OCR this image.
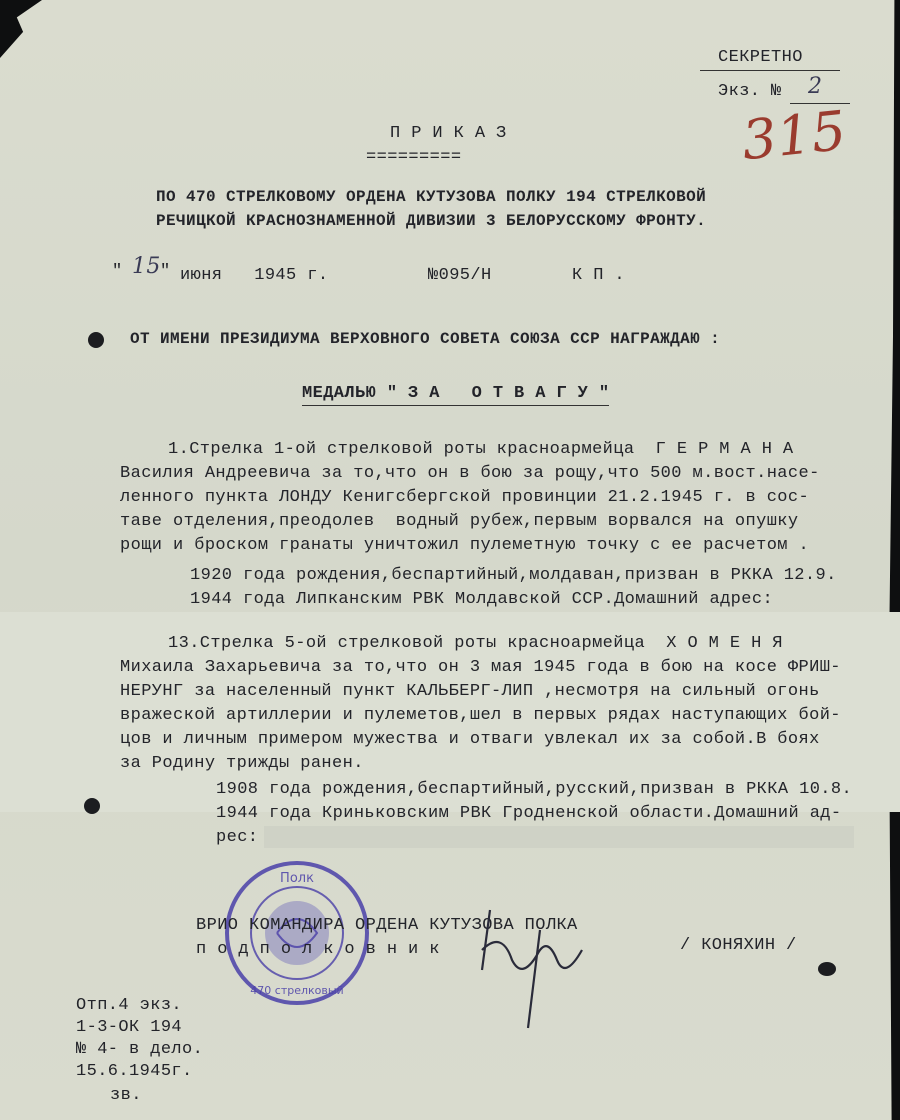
СЕКРЕТНО
Экз. № 2
315
П Р И К А З
=========
ПО 470 СТРЕЛКОВОМУ ОРДЕНА КУТУЗОВА ПОЛКУ 194 СТРЕЛКОВОЙ
РЕЧИЦКОЙ КРАСНОЗНАМЕННОЙ ДИВИЗИИ 3 БЕЛОРУССКОМУ ФРОНТУ.
" 15 " июня   1945 г.	№095/Н	К П .
ОТ ИМЕНИ ПРЕЗИДИУМА ВЕРХОВНОГО СОВЕТА СОЮЗА ССР НАГРАЖДАЮ :
МЕДАЛЬЮ " З А   О Т В А Г У "
1.Стрелка 1-ой стрелковой роты красноармейца  Г Е Р М А Н А
Василия Андреевича за то,что он в бою за рощу,что 500 м.вост.насе-
ленного пункта ЛОНДУ Кенигсбергской провинции 21.2.1945 г. в сос-
таве отделения,преодолев  водный рубеж,первым ворвался на опушку
рощи и броском гранаты уничтожил пулеметную точку с ее расчетом .
1920 года рождения,беспартийный,молдаван,призван в РККА 12.9.
1944 года Липканским РВК Молдавской ССР.Домашний адрес:
13.Стрелка 5-ой стрелковой роты красноармейца  Х О М Е Н Я
Михаила Захарьевича за то,что он 3 мая 1945 года в бою на косе ФРИШ-
НЕРУНГ за населенный пункт КАЛЬБЕРГ-ЛИП ,несмотря на сильный огонь
вражеской артиллерии и пулеметов,шел в первых рядах наступающих бой-
цов и личным примером мужества и отваги увлекал их за собой.В боях
за Родину трижды ранен.
1908 года рождения,беспартийный,русский,призван в РККА 10.8.
1944 года Криньковским РВК Гродненской области.Домашний ад-
рес:
Полк
470 стрелковый
ВРИО КОМАНДИРА ОРДЕНА КУТУЗОВА ПОЛКА
п о д п о л к о в н и к	/ КОНЯХИН /
Отп.4 экз.
1-3-ОК 194
№ 4- в дело.
15.6.1945г.
зв.
